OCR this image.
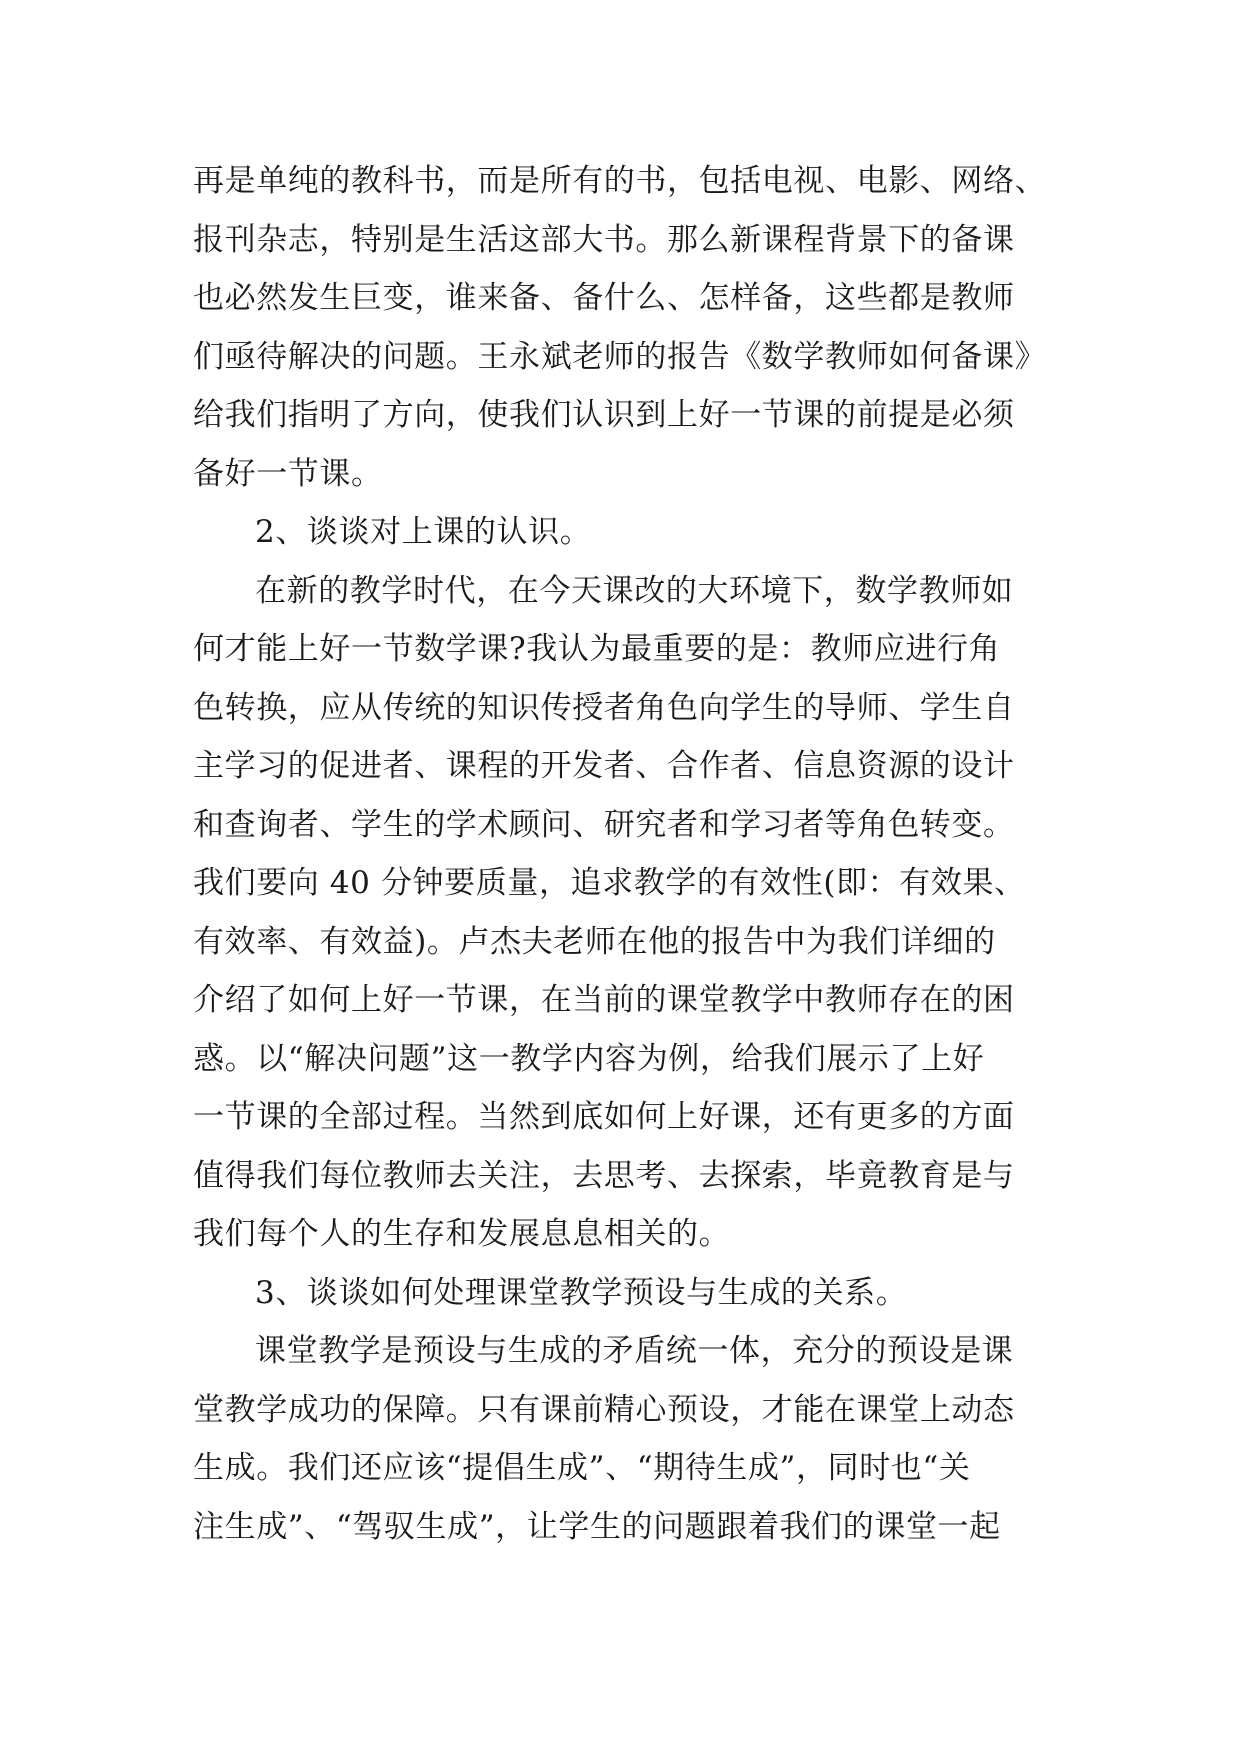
再是单纯的教科书，而是所有的书，包括电视、电影、网络、
报刊杂志，特别是生活这部大书。那么新课程背景下的备课
也必然发生巨变，谁来备、备什么、怎样备，这些都是教师
们亟待解决的问题。王永斌老师的报告《数学教师如何备课》
给我们指明了方向，使我们认识到上好一节课的前提是必须
备好一节课。
2、谈谈对上课的认识。
在新的教学时代，在今天课改的大环境下，数学教师如
何才能上好一节数学课?我认为最重要的是：教师应进行角
色转换，应从传统的知识传授者角色向学生的导师、学生自
主学习的促进者、课程的开发者、合作者、信息资源的设计
和查询者、学生的学术顾问、研究者和学习者等角色转变。
我们要向 40 分钟要质量，追求教学的有效性(即：有效果、
有效率、有效益)。卢杰夫老师在他的报告中为我们详细的
介绍了如何上好一节课，在当前的课堂教学中教师存在的困
惑。以“解决问题”这一教学内容为例，给我们展示了上好
一节课的全部过程。当然到底如何上好课，还有更多的方面
值得我们每位教师去关注，去思考、去探索，毕竟教育是与
我们每个人的生存和发展息息相关的。
3、谈谈如何处理课堂教学预设与生成的关系。
课堂教学是预设与生成的矛盾统一体，充分的预设是课
堂教学成功的保障。只有课前精心预设，才能在课堂上动态
生成。我们还应该“提倡生成”、“期待生成”，同时也“关
注生成”、“驾驭生成”，让学生的问题跟着我们的课堂一起
